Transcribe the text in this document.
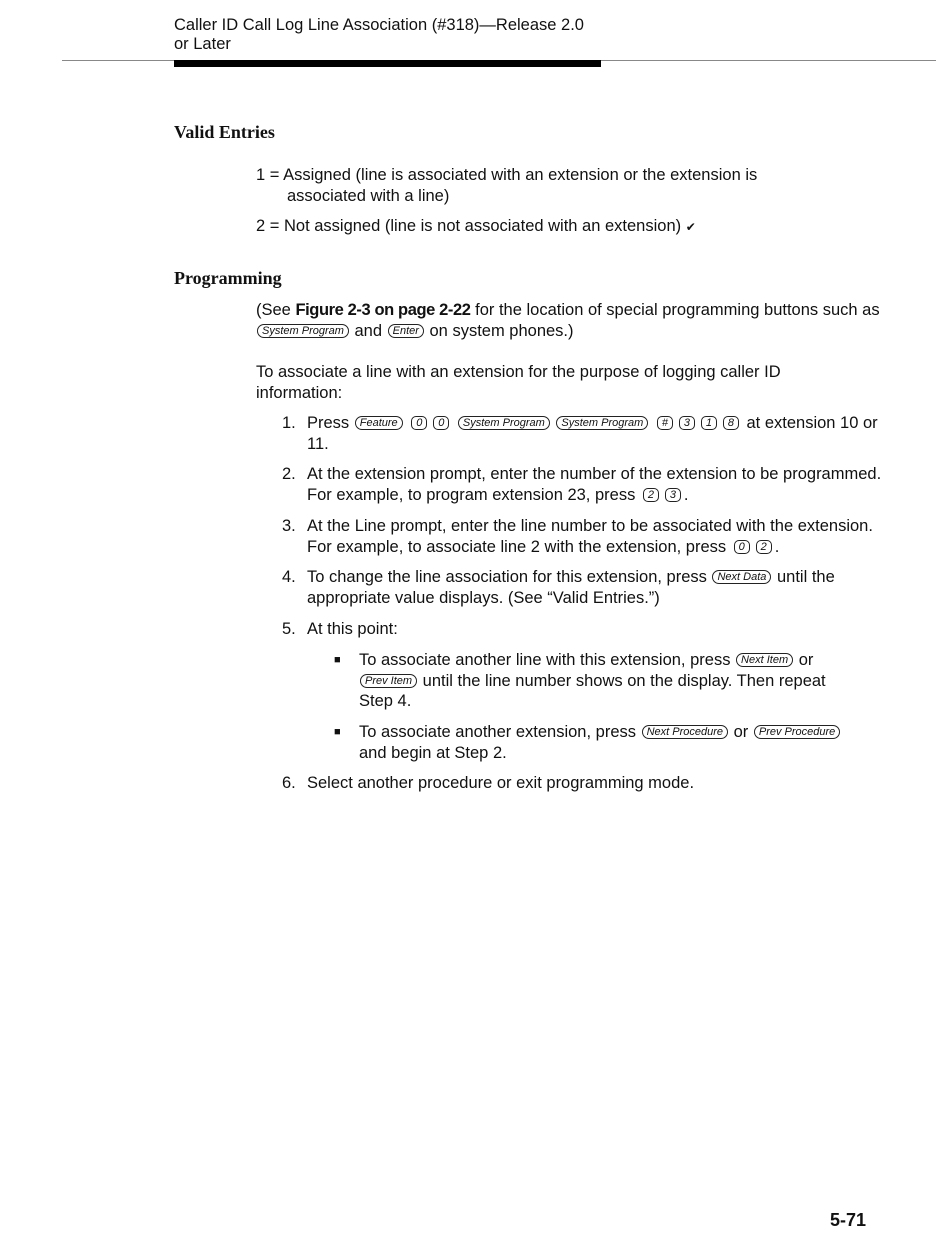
Caller ID Call Log Line Association (#318)—Release 2.0
or Later
Valid Entries
1 = Assigned (line is associated with an extension or the extension is associated with a line)
2 = Not assigned (line is not associated with an extension) ✔
Programming
(See Figure 2-3 on page 2-22 for the location of special programming buttons such as System Program and Enter on system phones.)
To associate a line with an extension for the purpose of logging caller ID information:
1. Press Feature 0 0 System Program System Program # 3 1 8 at extension 10 or 11.
2. At the extension prompt, enter the number of the extension to be programmed. For example, to program extension 23, press 2 3 .
3. At the Line prompt, enter the line number to be associated with the extension. For example, to associate line 2 with the extension, press 0 2 .
4. To change the line association for this extension, press Next Data until the appropriate value displays. (See “Valid Entries.”)
5. At this point:
■ To associate another line with this extension, press Next Item or Prev Item until the line number shows on the display. Then repeat Step 4.
■ To associate another extension, press Next Procedure or Prev Procedure and begin at Step 2.
6. Select another procedure or exit programming mode.
5-71
